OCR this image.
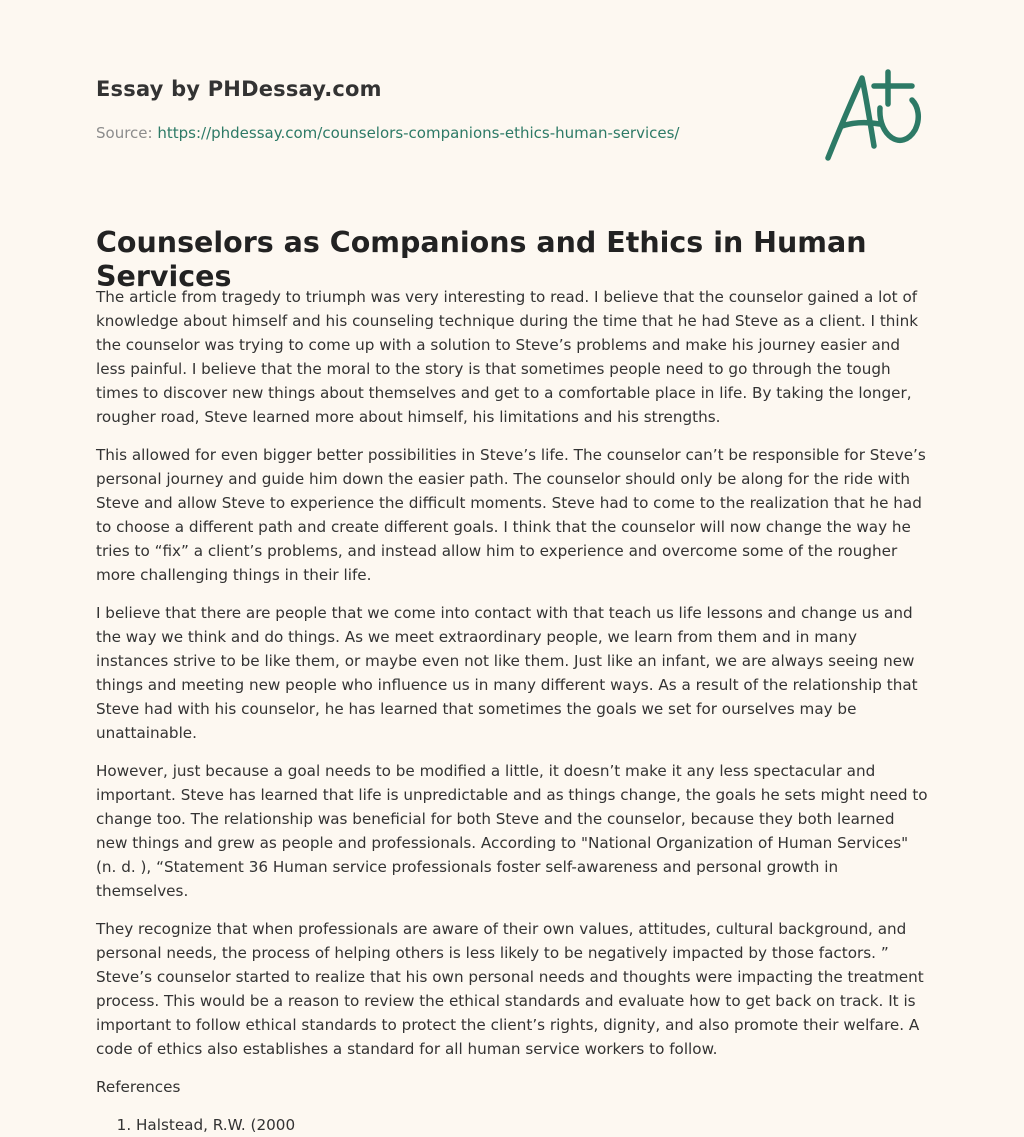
Essay by PHDessay.com
Source: https://phdessay.com/counselors-companions-ethics-human-services/
Counselors as Companions and Ethics in Human Services

The article from tragedy to triumph was very interesting to read. I believe that the counselor gained a lot of knowledge about himself and his counseling technique during the time that he had Steve as a client. I think the counselor was trying to come up with a solution to Steve’s problems and make his journey easier and less painful. I believe that the moral to the story is that sometimes people need to go through the tough times to discover new things about themselves and get to a comfortable place in life. By taking the longer, rougher road, Steve learned more about himself, his limitations and his strengths.

This allowed for even bigger better possibilities in Steve’s life. The counselor can’t be responsible for Steve’s personal journey and guide him down the easier path. The counselor should only be along for the ride with Steve and allow Steve to experience the difficult moments. Steve had to come to the realization that he had to choose a different path and create different goals. I think that the counselor will now change the way he tries to “fix” a client’s problems, and instead allow him to experience and overcome some of the rougher more challenging things in their life.

I believe that there are people that we come into contact with that teach us life lessons and change us and the way we think and do things. As we meet extraordinary people, we learn from them and in many instances strive to be like them, or maybe even not like them. Just like an infant, we are always seeing new things and meeting new people who influence us in many different ways. As a result of the relationship that Steve had with his counselor, he has learned that sometimes the goals we set for ourselves may be unattainable.

However, just because a goal needs to be modified a little, it doesn’t make it any less spectacular and important. Steve has learned that life is unpredictable and as things change, the goals he sets might need to change too. The relationship was beneficial for both Steve and the counselor, because they both learned new things and grew as people and professionals. According to "National Organization of Human Services" (n. d. ), “Statement 36 Human service professionals foster self-awareness and personal growth in themselves.

They recognize that when professionals are aware of their own values, attitudes, cultural background, and personal needs, the process of helping others is less likely to be negatively impacted by those factors. ” Steve’s counselor started to realize that his own personal needs and thoughts were impacting the treatment process. This would be a reason to review the ethical standards and evaluate how to get back on track. It is important to follow ethical standards to protect the client’s rights, dignity, and also promote their welfare. A code of ethics also establishes a standard for all human service workers to follow.

References
1. Halstead, R.W. (2000
